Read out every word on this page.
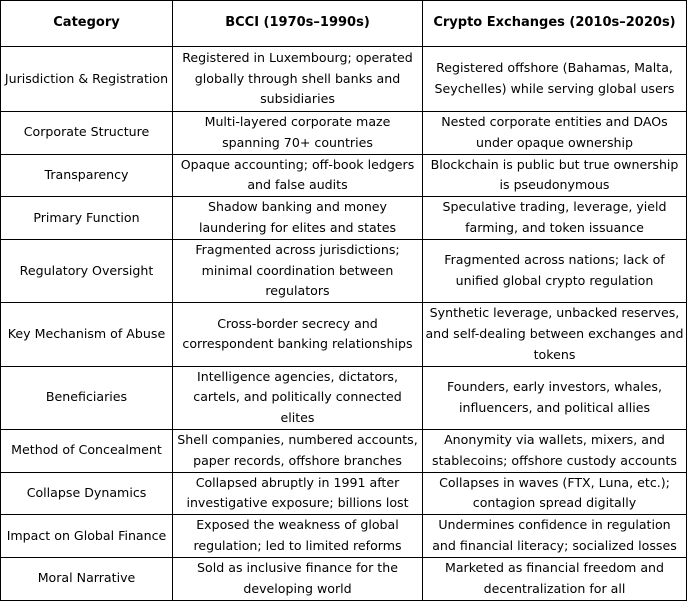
Category	BCCI (1970s–1990s)	Crypto Exchanges (2010s–2020s)
Jurisdiction & Registration	Registered in Luxembourg; operated globally through shell banks and subsidiaries	Registered offshore (Bahamas, Malta, Seychelles) while serving global users
Corporate Structure	Multi-layered corporate maze spanning 70+ countries	Nested corporate entities and DAOs under opaque ownership
Transparency	Opaque accounting; off-book ledgers and false audits	Blockchain is public but true ownership is pseudonymous
Primary Function	Shadow banking and money laundering for elites and states	Speculative trading, leverage, yield farming, and token issuance
Regulatory Oversight	Fragmented across jurisdictions; minimal coordination between regulators	Fragmented across nations; lack of unified global crypto regulation
Key Mechanism of Abuse	Cross-border secrecy and correspondent banking relationships	Synthetic leverage, unbacked reserves, and self-dealing between exchanges and tokens
Beneficiaries	Intelligence agencies, dictators, cartels, and politically connected elites	Founders, early investors, whales, influencers, and political allies
Method of Concealment	Shell companies, numbered accounts, paper records, offshore branches	Anonymity via wallets, mixers, and stablecoins; offshore custody accounts
Collapse Dynamics	Collapsed abruptly in 1991 after investigative exposure; billions lost	Collapses in waves (FTX, Luna, etc.); contagion spread digitally
Impact on Global Finance	Exposed the weakness of global regulation; led to limited reforms	Undermines confidence in regulation and financial literacy; socialized losses
Moral Narrative	Sold as inclusive finance for the developing world	Marketed as financial freedom and decentralization for all
